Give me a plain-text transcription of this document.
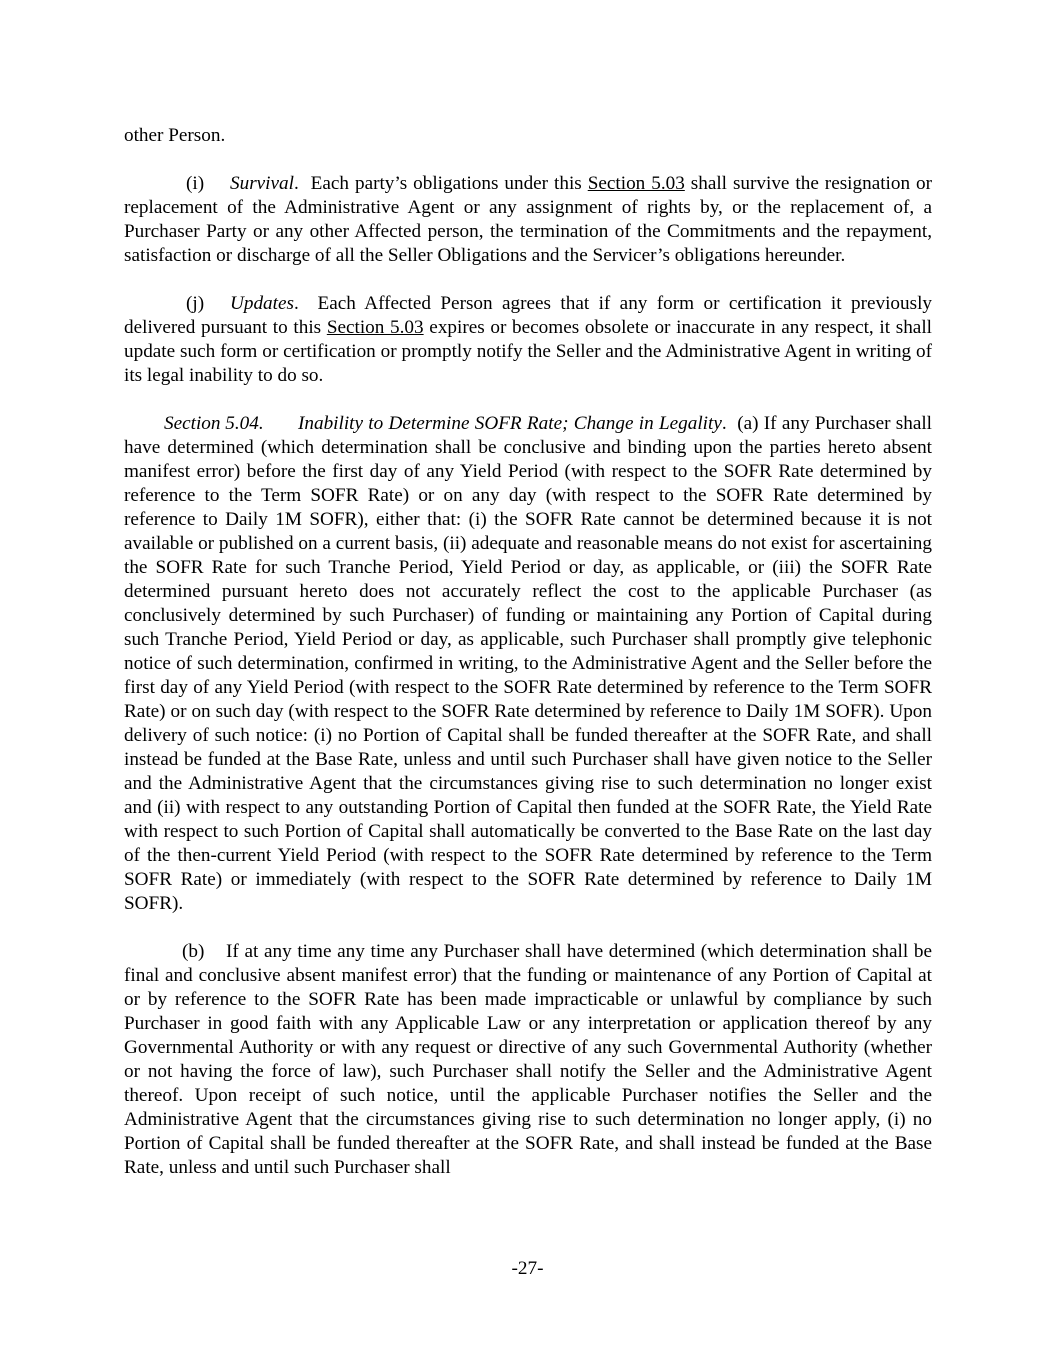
other Person.

(i) Survival. Each party’s obligations under this Section 5.03 shall survive the resignation or replacement of the Administrative Agent or any assignment of rights by, or the replacement of, a Purchaser Party or any other Affected person, the termination of the Commitments and the repayment, satisfaction or discharge of all the Seller Obligations and the Servicer’s obligations hereunder.

(j) Updates. Each Affected Person agrees that if any form or certification it previously delivered pursuant to this Section 5.03 expires or becomes obsolete or inaccurate in any respect, it shall update such form or certification or promptly notify the Seller and the Administrative Agent in writing of its legal inability to do so.

Section 5.04. Inability to Determine SOFR Rate; Change in Legality. (a) If any Purchaser shall have determined (which determination shall be conclusive and binding upon the parties hereto absent manifest error) before the first day of any Yield Period (with respect to the SOFR Rate determined by reference to the Term SOFR Rate) or on any day (with respect to the SOFR Rate determined by reference to Daily 1M SOFR), either that: (i) the SOFR Rate cannot be determined because it is not available or published on a current basis, (ii) adequate and reasonable means do not exist for ascertaining the SOFR Rate for such Tranche Period, Yield Period or day, as applicable, or (iii) the SOFR Rate determined pursuant hereto does not accurately reflect the cost to the applicable Purchaser (as conclusively determined by such Purchaser) of funding or maintaining any Portion of Capital during such Tranche Period, Yield Period or day, as applicable, such Purchaser shall promptly give telephonic notice of such determination, confirmed in writing, to the Administrative Agent and the Seller before the first day of any Yield Period (with respect to the SOFR Rate determined by reference to the Term SOFR Rate) or on such day (with respect to the SOFR Rate determined by reference to Daily 1M SOFR). Upon delivery of such notice: (i) no Portion of Capital shall be funded thereafter at the SOFR Rate, and shall instead be funded at the Base Rate, unless and until such Purchaser shall have given notice to the Seller and the Administrative Agent that the circumstances giving rise to such determination no longer exist and (ii) with respect to any outstanding Portion of Capital then funded at the SOFR Rate, the Yield Rate with respect to such Portion of Capital shall automatically be converted to the Base Rate on the last day of the then-current Yield Period (with respect to the SOFR Rate determined by reference to the Term SOFR Rate) or immediately (with respect to the SOFR Rate determined by reference to Daily 1M SOFR).

(b) If at any time any time any Purchaser shall have determined (which determination shall be final and conclusive absent manifest error) that the funding or maintenance of any Portion of Capital at or by reference to the SOFR Rate has been made impracticable or unlawful by compliance by such Purchaser in good faith with any Applicable Law or any interpretation or application thereof by any Governmental Authority or with any request or directive of any such Governmental Authority (whether or not having the force of law), such Purchaser shall notify the Seller and the Administrative Agent thereof. Upon receipt of such notice, until the applicable Purchaser notifies the Seller and the Administrative Agent that the circumstances giving rise to such determination no longer apply, (i) no Portion of Capital shall be funded thereafter at the SOFR Rate, and shall instead be funded at the Base Rate, unless and until such Purchaser shall

-27-
